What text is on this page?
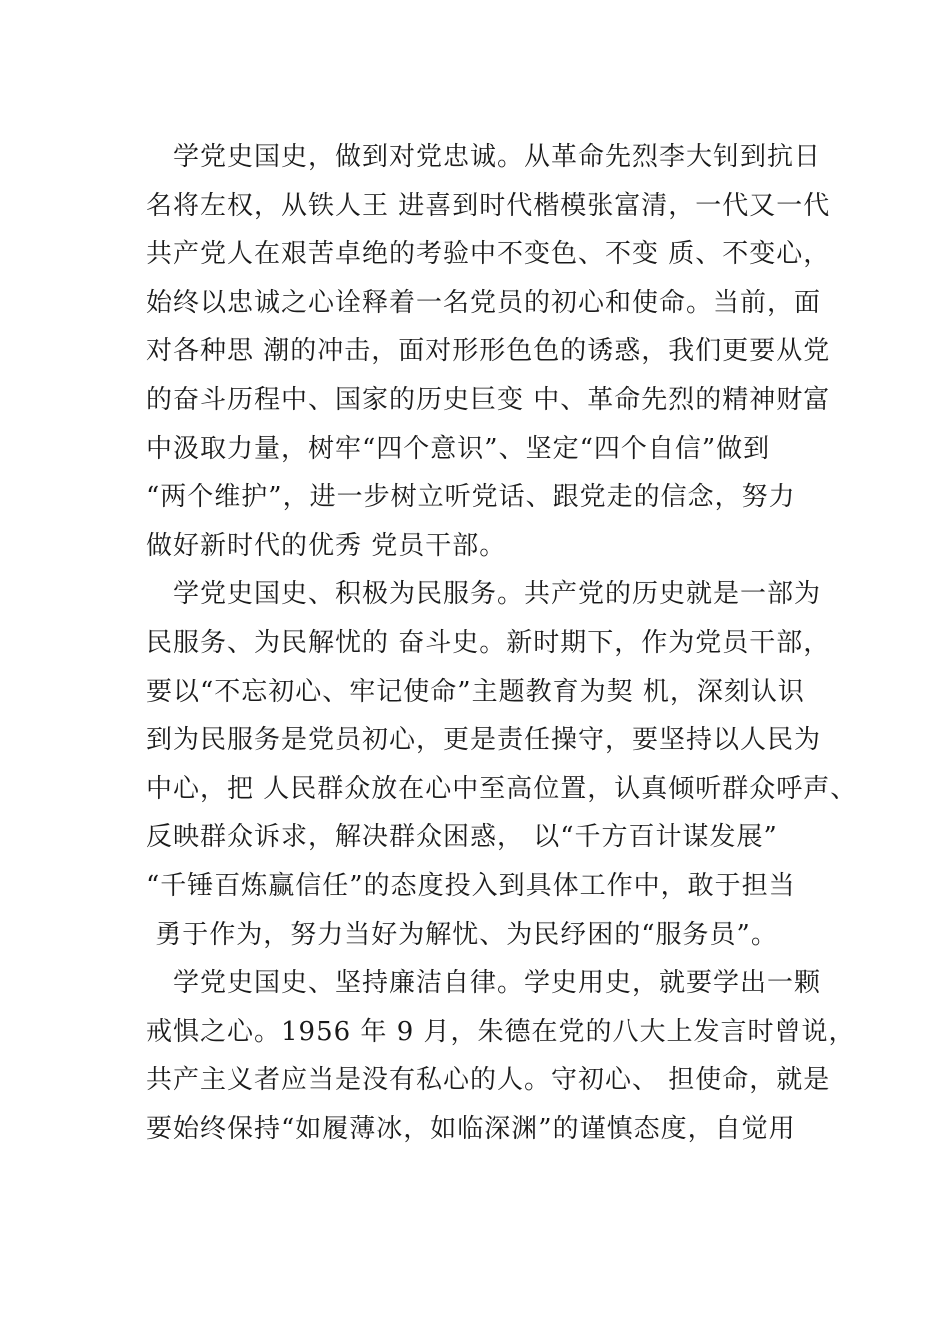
　学党史国史，做到对党忠诚。从革命先烈李大钊到抗日
名将左权，从铁人王 进喜到时代楷模张富清，一代又一代
共产党人在艰苦卓绝的考验中不变色、不变 质、不变心，
始终以忠诚之心诠释着一名党员的初心和使命。当前，面
对各种思 潮的冲击，面对形形色色的诱惑，我们更要从党
的奋斗历程中、国家的历史巨变 中、革命先烈的精神财富
中汲取力量，树牢“四个意识”、坚定“四个自信”做到
“两个维护”，进一步树立听党话、跟党走的信念，努力
做好新时代的优秀 党员干部。
　学党史国史、积极为民服务。共产党的历史就是一部为
民服务、为民解忧的 奋斗史。新时期下，作为党员干部，
要以“不忘初心、牢记使命”主题教育为契 机，深刻认识
到为民服务是党员初心，更是责任操守，要坚持以人民为
中心，把 人民群众放在心中至高位置，认真倾听群众呼声、
反映群众诉求，解决群众困惑， 以“千方百计谋发展”
“千锤百炼赢信任”的态度投入到具体工作中，敢于担当
勇于作为，努力当好为解忧、为民纾困的“服务员”。
　学党史国史、坚持廉洁自律。学史用史，就要学出一颗
戒惧之心。1956 年 9 月，朱德在党的八大上发言时曾说，
共产主义者应当是没有私心的人。守初心、 担使命，就是
要始终保持“如履薄冰，如临深渊”的谨慎态度，自觉用
